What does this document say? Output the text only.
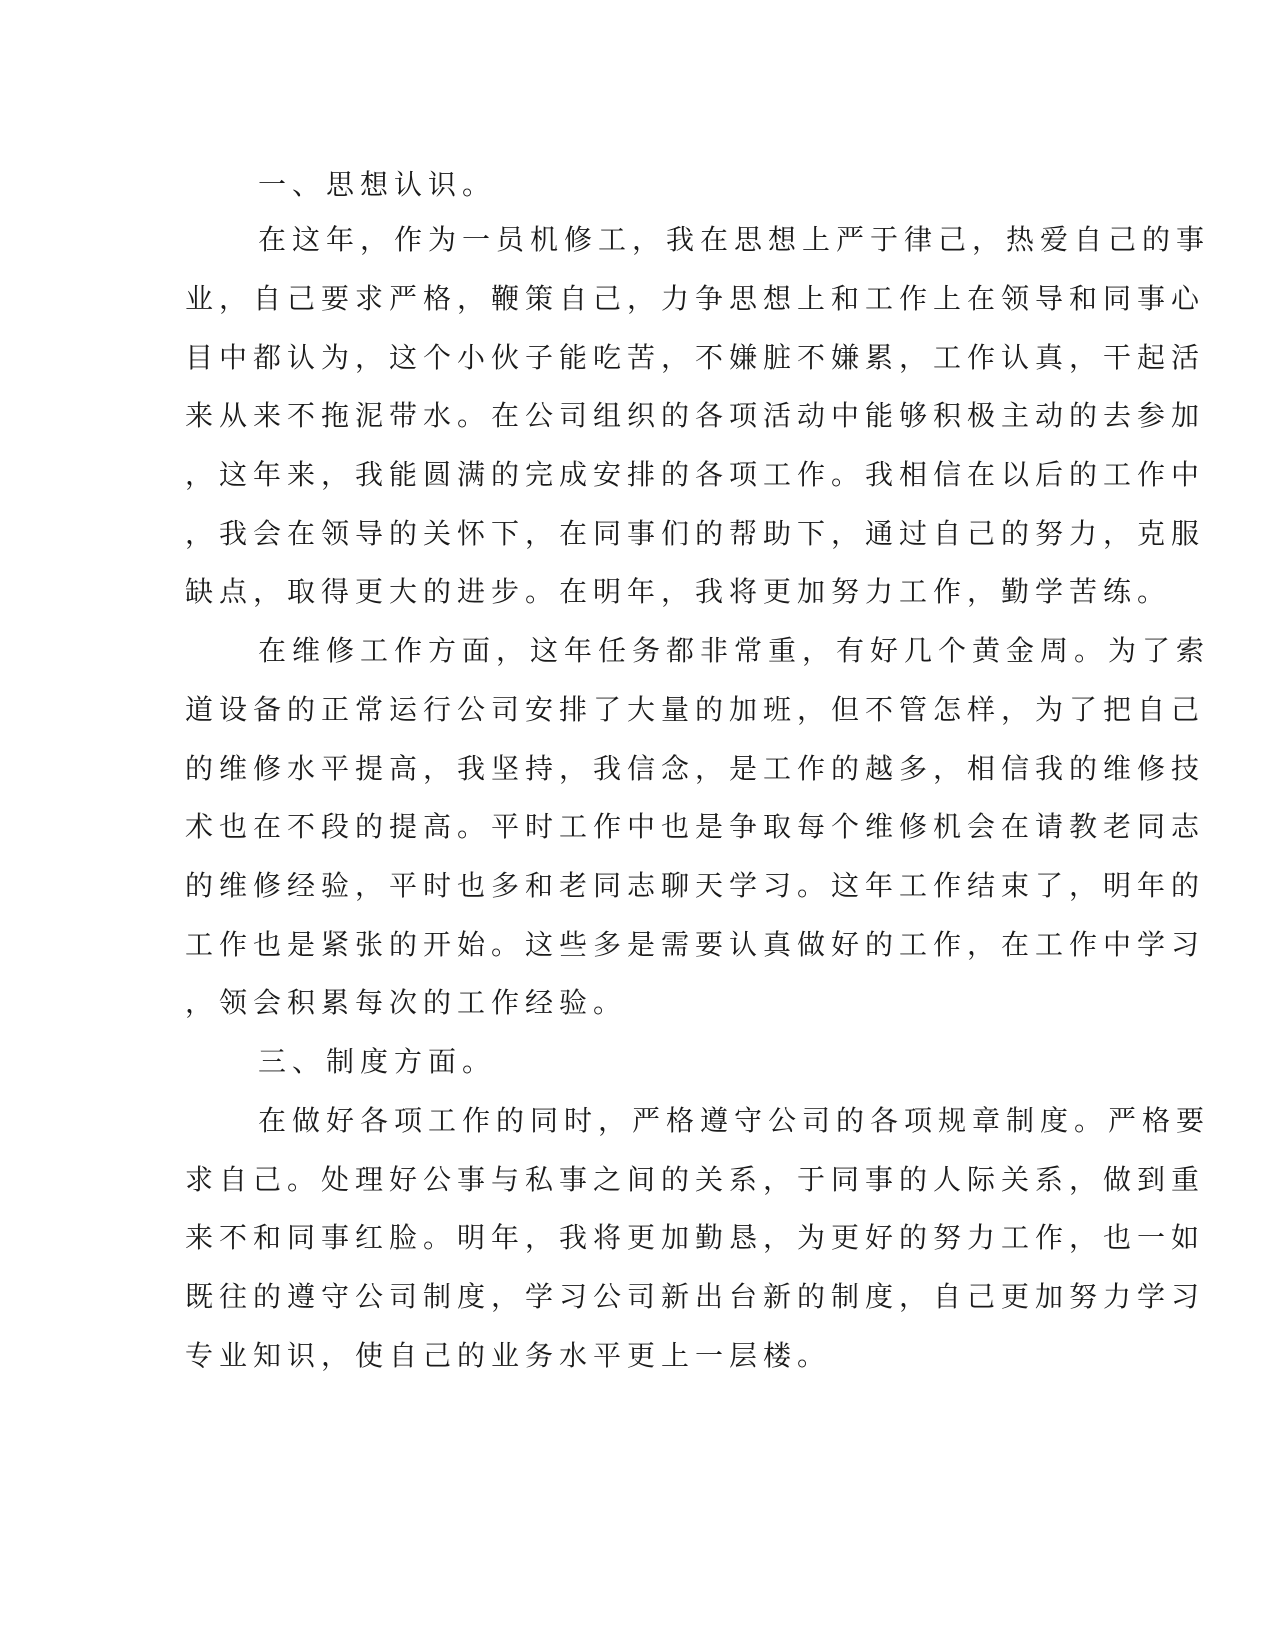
一、思想认识。
在这年，作为一员机修工，我在思想上严于律己，热爱自己的事
业，自己要求严格，鞭策自己，力争思想上和工作上在领导和同事心
目中都认为，这个小伙子能吃苦，不嫌脏不嫌累，工作认真，干起活
来从来不拖泥带水。在公司组织的各项活动中能够积极主动的去参加
，这年来，我能圆满的完成安排的各项工作。我相信在以后的工作中
，我会在领导的关怀下，在同事们的帮助下，通过自己的努力，克服
缺点，取得更大的进步。在明年，我将更加努力工作，勤学苦练。
在维修工作方面，这年任务都非常重，有好几个黄金周。为了索
道设备的正常运行公司安排了大量的加班，但不管怎样，为了把自己
的维修水平提高，我坚持，我信念，是工作的越多，相信我的维修技
术也在不段的提高。平时工作中也是争取每个维修机会在请教老同志
的维修经验，平时也多和老同志聊天学习。这年工作结束了，明年的
工作也是紧张的开始。这些多是需要认真做好的工作，在工作中学习
，领会积累每次的工作经验。
三、制度方面。
在做好各项工作的同时，严格遵守公司的各项规章制度。严格要
求自己。处理好公事与私事之间的关系，于同事的人际关系，做到重
来不和同事红脸。明年，我将更加勤恳，为更好的努力工作，也一如
既往的遵守公司制度，学习公司新出台新的制度，自己更加努力学习
专业知识，使自己的业务水平更上一层楼。
